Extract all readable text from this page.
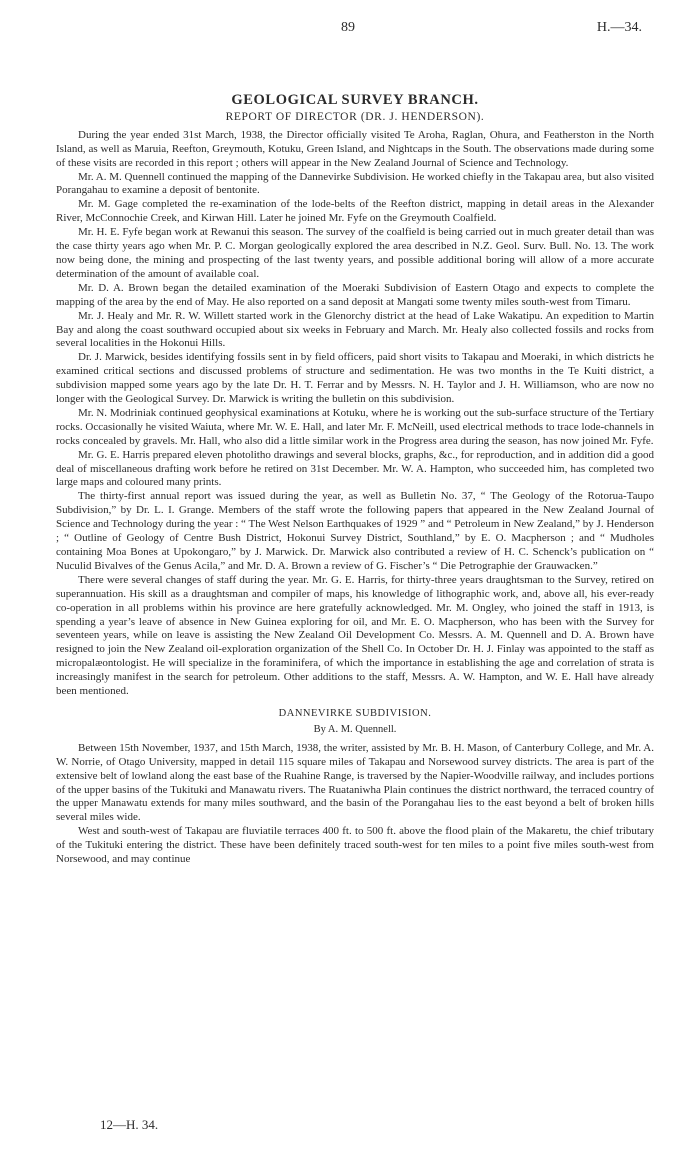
89	H.—34.
GEOLOGICAL SURVEY BRANCH.
REPORT OF DIRECTOR (DR. J. HENDERSON).

During the year ended 31st March, 1938, the Director officially visited Te Aroha, Raglan, Ohura, and Featherston in the North Island, as well as Maruia, Reefton, Greymouth, Kotuku, Green Island, and Nightcaps in the South. The observations made during some of these visits are recorded in this report ; others will appear in the New Zealand Journal of Science and Technology.

Mr. A. M. Quennell continued the mapping of the Dannevirke Subdivision. He worked chiefly in the Takapau area, but also visited Porangahau to examine a deposit of bentonite.

Mr. M. Gage completed the re-examination of the lode-belts of the Reefton district, mapping in detail areas in the Alexander River, McConnochie Creek, and Kirwan Hill. Later he joined Mr. Fyfe on the Greymouth Coalfield.

Mr. H. E. Fyfe began work at Rewanui this season. The survey of the coalfield is being carried out in much greater detail than was the case thirty years ago when Mr. P. C. Morgan geologically explored the area described in N.Z. Geol. Surv. Bull. No. 13. The work now being done, the mining and prospecting of the last twenty years, and possible additional boring will allow of a more accurate determination of the amount of available coal.

Mr. D. A. Brown began the detailed examination of the Moeraki Subdivision of Eastern Otago and expects to complete the mapping of the area by the end of May. He also reported on a sand deposit at Mangati some twenty miles south-west from Timaru.

Mr. J. Healy and Mr. R. W. Willett started work in the Glenorchy district at the head of Lake Wakatipu. An expedition to Martin Bay and along the coast southward occupied about six weeks in February and March. Mr. Healy also collected fossils and rocks from several localities in the Hokonui Hills.

Dr. J. Marwick, besides identifying fossils sent in by field officers, paid short visits to Takapau and Moeraki, in which districts he examined critical sections and discussed problems of structure and sedimentation. He was two months in the Te Kuiti district, a subdivision mapped some years ago by the late Dr. H. T. Ferrar and by Messrs. N. H. Taylor and J. H. Williamson, who are now no longer with the Geological Survey. Dr. Marwick is writing the bulletin on this subdivision.

Mr. N. Modriniak continued geophysical examinations at Kotuku, where he is working out the sub-surface structure of the Tertiary rocks. Occasionally he visited Waiuta, where Mr. W. E. Hall, and later Mr. F. McNeill, used electrical methods to trace lode-channels in rocks concealed by gravels. Mr. Hall, who also did a little similar work in the Progress area during the season, has now joined Mr. Fyfe.

Mr. G. E. Harris prepared eleven photolitho drawings and several blocks, graphs, &c., for reproduction, and in addition did a good deal of miscellaneous drafting work before he retired on 31st December. Mr. W. A. Hampton, who succeeded him, has completed two large maps and coloured many prints.

The thirty-first annual report was issued during the year, as well as Bulletin No. 37, “ The Geology of the Rotorua-Taupo Subdivision,” by Dr. L. I. Grange. Members of the staff wrote the following papers that appeared in the New Zealand Journal of Science and Technology during the year : “ The West Nelson Earthquakes of 1929 ” and “ Petroleum in New Zealand,” by J. Henderson ; “ Outline of Geology of Centre Bush District, Hokonui Survey District, Southland,” by E. O. Macpherson ; and “ Mudholes containing Moa Bones at Upokongaro,” by J. Marwick. Dr. Marwick also contributed a review of H. C. Schenck’s publication on “ Nuculid Bivalves of the Genus Acila,” and Mr. D. A. Brown a review of G. Fischer’s “ Die Petrographie der Grauwacken.”

There were several changes of staff during the year. Mr. G. E. Harris, for thirty-three years draughtsman to the Survey, retired on superannuation. His skill as a draughtsman and compiler of maps, his knowledge of lithographic work, and, above all, his ever-ready co-operation in all problems within his province are here gratefully acknowledged. Mr. M. Ongley, who joined the staff in 1913, is spending a year’s leave of absence in New Guinea exploring for oil, and Mr. E. O. Macpherson, who has been with the Survey for seventeen years, while on leave is assisting the New Zealand Oil Development Co. Messrs. A. M. Quennell and D. A. Brown have resigned to join the New Zealand oil-exploration organization of the Shell Co. In October Dr. H. J. Finlay was appointed to the staff as micropalæontologist. He will specialize in the foraminifera, of which the importance in establishing the age and correlation of strata is increasingly manifest in the search for petroleum. Other additions to the staff, Messrs. A. W. Hampton, and W. E. Hall have already been mentioned.

DANNEVIRKE SUBDIVISION.
By A. M. Quennell.

Between 15th November, 1937, and 15th March, 1938, the writer, assisted by Mr. B. H. Mason, of Canterbury College, and Mr. A. W. Norrie, of Otago University, mapped in detail 115 square miles of Takapau and Norsewood survey districts. The area is part of the extensive belt of lowland along the east base of the Ruahine Range, is traversed by the Napier-Woodville railway, and includes portions of the upper basins of the Tukituki and Manawatu rivers. The Ruataniwha Plain continues the district northward, the terraced country of the upper Manawatu extends for many miles southward, and the basin of the Porangahau lies to the east beyond a belt of broken hills several miles wide.

West and south-west of Takapau are fluviatile terraces 400 ft. to 500 ft. above the flood plain of the Makaretu, the chief tributary of the Tukituki entering the district. These have been definitely traced south-west for ten miles to a point five miles south-west from Norsewood, and may continue

12—H. 34.
